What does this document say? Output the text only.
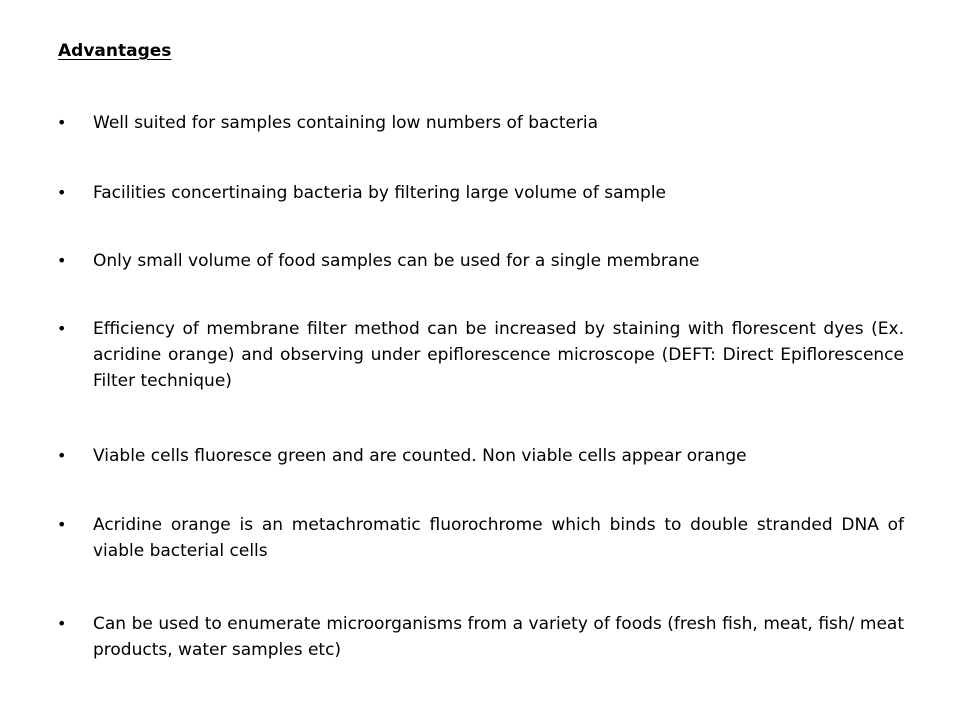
Advantages
•	Well suited for samples containing low numbers of bacteria
•	Facilities concertinaing bacteria by filtering large volume of sample
•	Only small volume of food samples can be used for a single membrane
•	Efficiency of membrane filter method can be increased by staining with florescent dyes (Ex. acridine orange) and observing under epiflorescence microscope (DEFT: Direct Epiflorescence Filter technique)
•	Viable cells fluoresce green and are counted. Non viable cells appear orange
•	Acridine orange is an metachromatic fluorochrome which binds to double stranded DNA of viable bacterial cells
•	Can be used to enumerate microorganisms from a variety of foods (fresh fish, meat, fish/ meat products, water samples etc)
